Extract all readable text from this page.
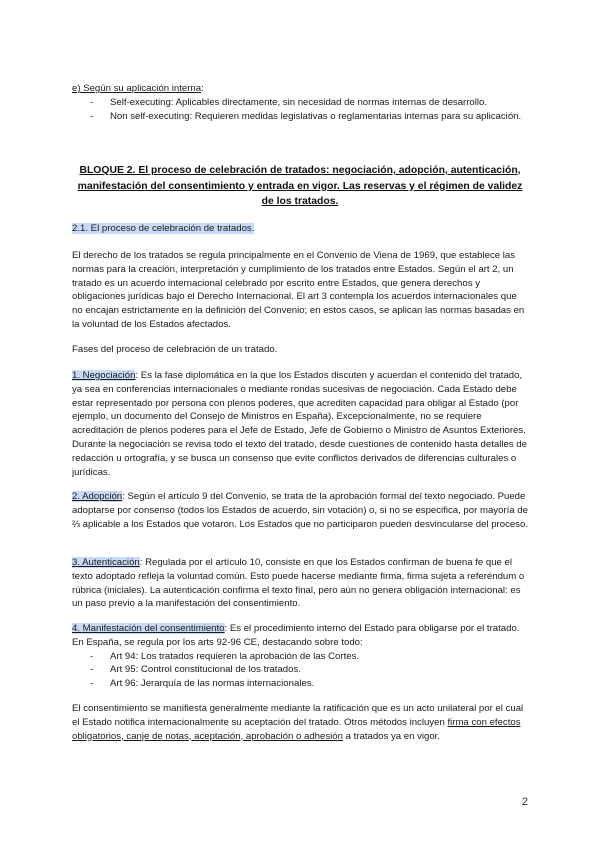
e) Según su aplicación interna:

- Self-executing: Aplicables directamente, sin necesidad de normas internas de desarrollo.
- Non self-executing: Requieren medidas legislativas o reglamentarias internas para su aplicación.
BLOQUE 2. El proceso de celebración de tratados: negociación, adopción, autenticación, manifestación del consentimiento y entrada en vigor. Las reservas y el régimen de validez de los tratados.

2.1. El proceso de celebración de tratados.

El derecho de los tratados se regula principalmente en el Convenio de Viena de 1969, que establece las normas para la creación, interpretación y cumplimiento de los tratados entre Estados. Según el art 2, un tratado es un acuerdo internacional celebrado por escrito entre Estados, que genera derechos y obligaciones jurídicas bajo el Derecho Internacional. El art 3 contempla los acuerdos internacionales que no encajan estrictamente en la definición del Convenio; en estos casos, se aplican las normas basadas en la voluntad de los Estados afectados.

Fases del proceso de celebración de un tratado.

1. Negociación: Es la fase diplomática en la que los Estados discuten y acuerdan el contenido del tratado, ya sea en conferencias internacionales o mediante rondas sucesivas de negociación. Cada Estado debe estar representado por persona con plenos poderes, que acrediten capacidad para obligar al Estado (por ejemplo, un documento del Consejo de Ministros en España). Excepcionalmente, no se requiere acreditación de plenos poderes para el Jefe de Estado, Jefe de Gobierno o Ministro de Asuntos Exteriores. Durante la negociación se revisa todo el texto del tratado, desde cuestiones de contenido hasta detalles de redacción u ortografía, y se busca un consenso que evite conflictos derivados de diferencias culturales o jurídicas.

2. Adopción: Según el artículo 9 del Convenio, se trata de la aprobación formal del texto negociado. Puede adoptarse por consenso (todos los Estados de acuerdo, sin votación) o, si no se especifica, por mayoría de ⅔ aplicable a los Estados que votaron. Los Estados que no participaron pueden desvincularse del proceso.

3. Autenticación: Regulada por el artículo 10, consiste en que los Estados confirman de buena fe que el texto adoptado refleja la voluntad común. Esto puede hacerse mediante firma, firma sujeta a referéndum o rúbrica (iniciales). La autenticación confirma el texto final, pero aún no genera obligación internacional: es un paso previo a la manifestación del consentimiento.

4. Manifestación del consentimiento: Es el procedimiento interno del Estado para obligarse por el tratado. En España, se regula por los arts 92-96 CE, destacando sobre todo:

- Art 94: Los tratados requieren la aprobación de las Cortes.
- Art 95: Control constitucional de los tratados.
- Art 96: Jerarquía de las normas internacionales.

El consentimiento se manifiesta generalmente mediante la ratificación que es un acto unilateral por el cual el Estado notifica internacionalmente su aceptación del tratado. Otros métodos incluyen firma con efectos obligatorios, canje de notas, aceptación, aprobación o adhesión a tratados ya en vigor.

2
